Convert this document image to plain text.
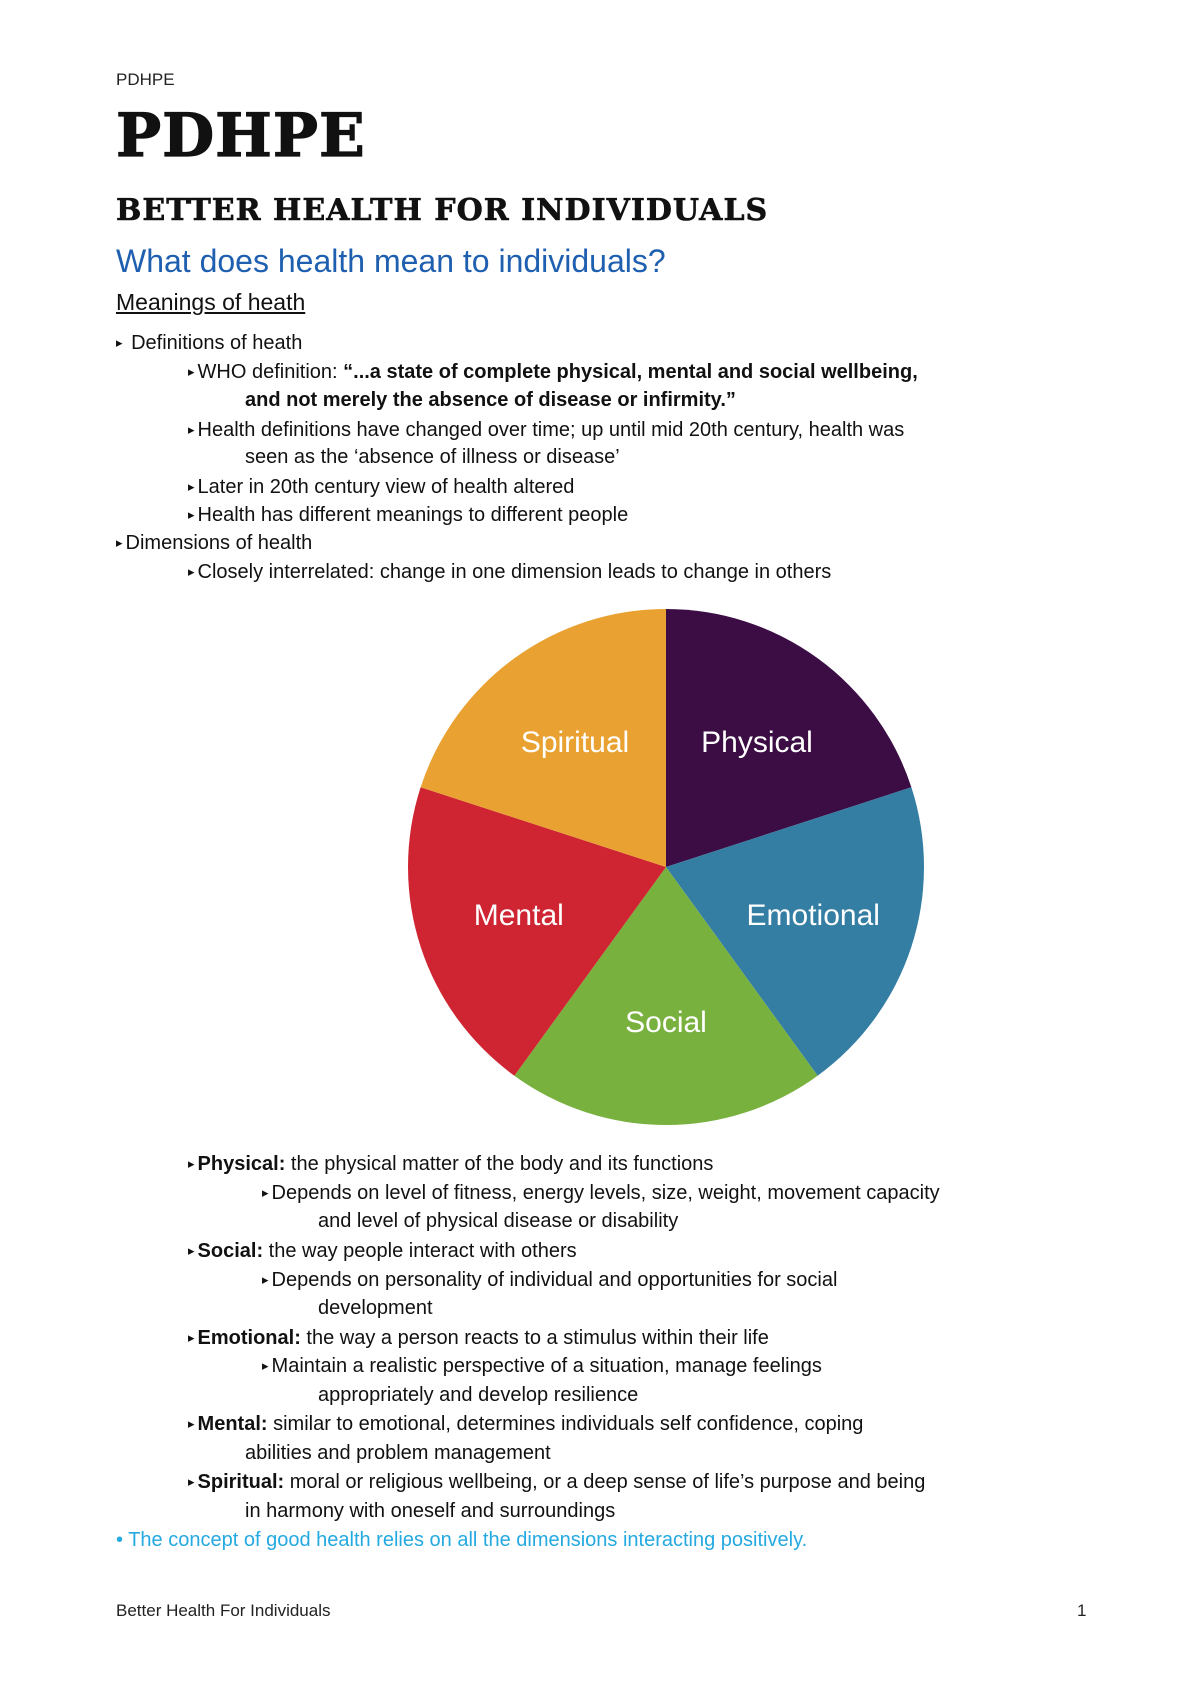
PDHPE
PDHPE
BETTER HEALTH FOR INDIVIDUALS
What does health mean to individuals?
Meanings of heath
▸ Definitions of heath
▸ WHO definition: “...a state of complete physical, mental and social wellbeing,
and not merely the absence of disease or infirmity.”
▸ Health definitions have changed over time; up until mid 20th century, health was
seen as the ‘absence of illness or disease’
▸ Later in 20th century view of health altered
▸ Health has different meanings to different people
▸ Dimensions of health
▸ Closely interrelated: change in one dimension leads to change in others
Physical
Emotional
Social
Mental
Spiritual
▸ Physical: the physical matter of the body and its functions
▸ Depends on level of fitness, energy levels, size, weight, movement capacity
and level of physical disease or disability
▸ Social: the way people interact with others
▸ Depends on personality of individual and opportunities for social
development
▸ Emotional: the way a person reacts to a stimulus within their life
▸ Maintain a realistic perspective of a situation, manage feelings
appropriately and develop resilience
▸ Mental: similar to emotional, determines individuals self confidence, coping
abilities and problem management
▸ Spiritual: moral or religious wellbeing, or a deep sense of life’s purpose and being
in harmony with oneself and surroundings
• The concept of good health relies on all the dimensions interacting positively.
Better Health For Individuals	1
